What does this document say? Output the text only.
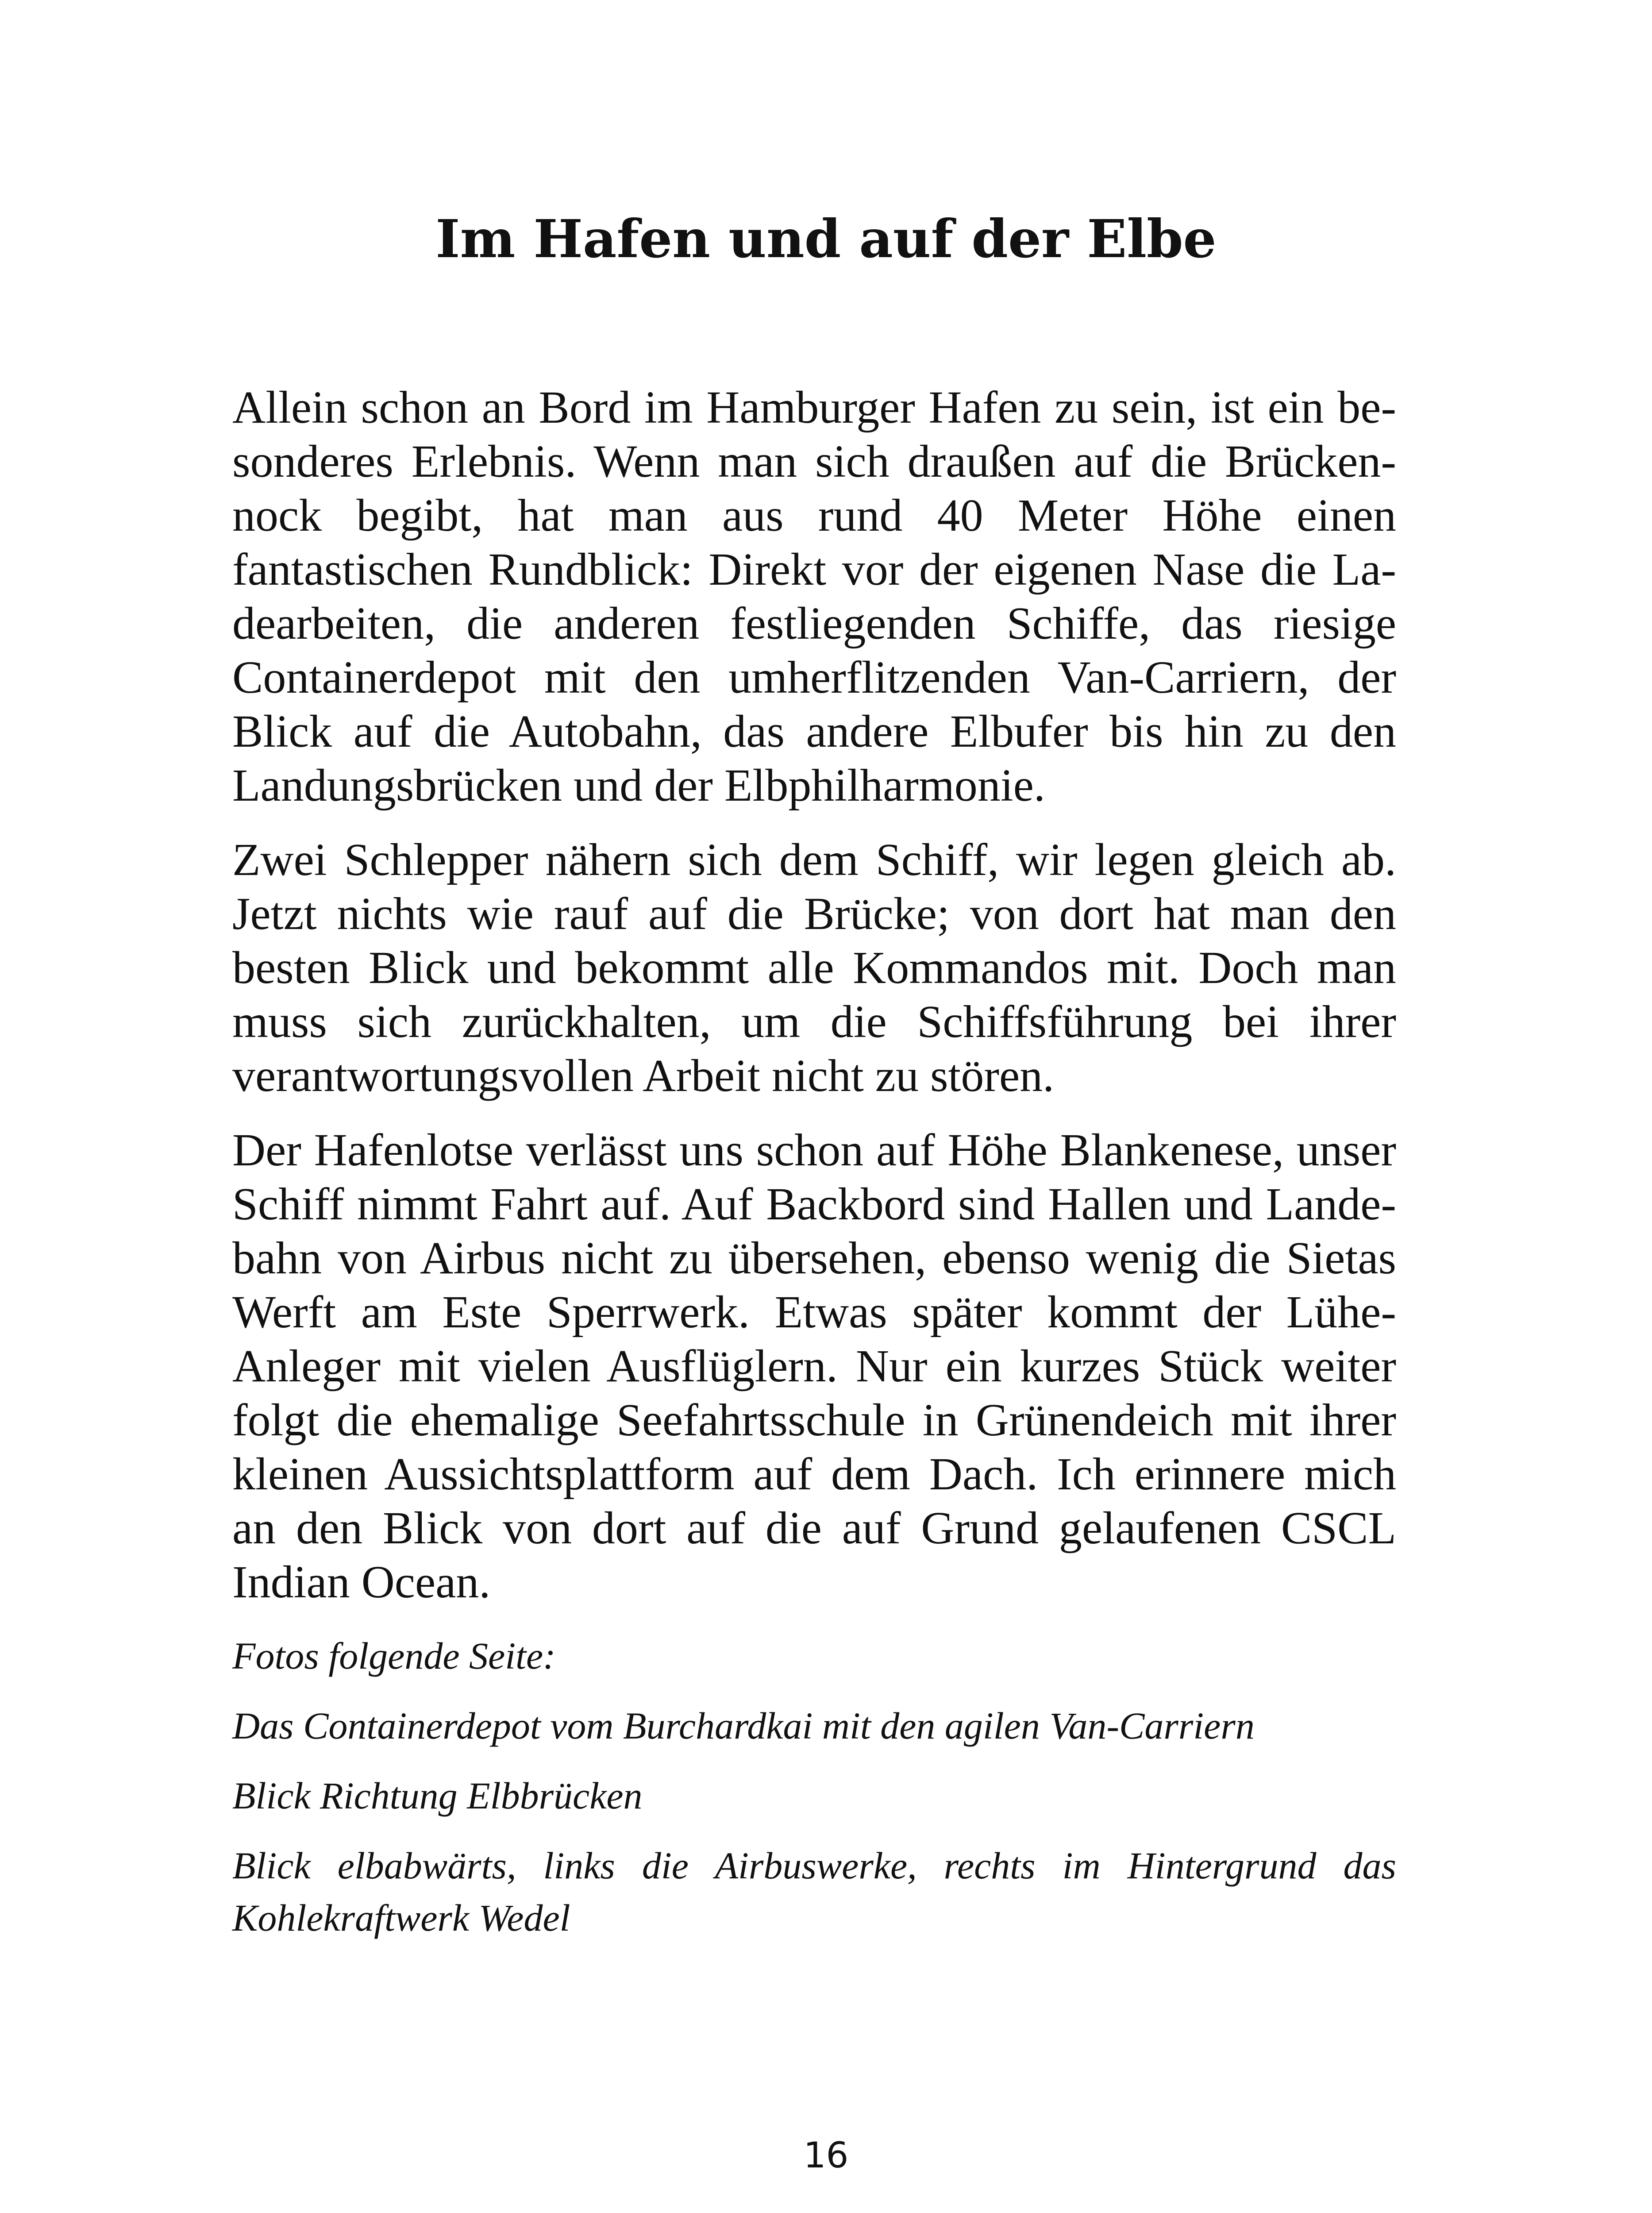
Im Hafen und auf der Elbe

Allein schon an Bord im Hamburger Hafen zu sein, ist ein be-
sonderes Erlebnis. Wenn man sich draußen auf die Brücken-
nock begibt, hat man aus rund 40 Meter Höhe einen
fantastischen Rundblick: Direkt vor der eigenen Nase die La-
dearbeiten, die anderen festliegenden Schiffe, das riesige
Containerdepot mit den umherflitzenden Van-Carriern, der
Blick auf die Autobahn, das andere Elbufer bis hin zu den
Landungsbrücken und der Elbphilharmonie.

Zwei Schlepper nähern sich dem Schiff, wir legen gleich ab.
Jetzt nichts wie rauf auf die Brücke; von dort hat man den
besten Blick und bekommt alle Kommandos mit. Doch man
muss sich zurückhalten, um die Schiffsführung bei ihrer
verantwortungsvollen Arbeit nicht zu stören.

Der Hafenlotse verlässt uns schon auf Höhe Blankenese, unser
Schiff nimmt Fahrt auf. Auf Backbord sind Hallen und Lande-
bahn von Airbus nicht zu übersehen, ebenso wenig die Sietas
Werft am Este Sperrwerk. Etwas später kommt der Lühe-
Anleger mit vielen Ausflüglern. Nur ein kurzes Stück weiter
folgt die ehemalige Seefahrtsschule in Grünendeich mit ihrer
kleinen Aussichtsplattform auf dem Dach. Ich erinnere mich
an den Blick von dort auf die auf Grund gelaufenen CSCL
Indian Ocean.

Fotos folgende Seite:

Das Containerdepot vom Burchardkai mit den agilen Van-Carriern

Blick Richtung Elbbrücken

Blick elbabwärts, links die Airbuswerke, rechts im Hintergrund das
Kohlekraftwerk Wedel

16
